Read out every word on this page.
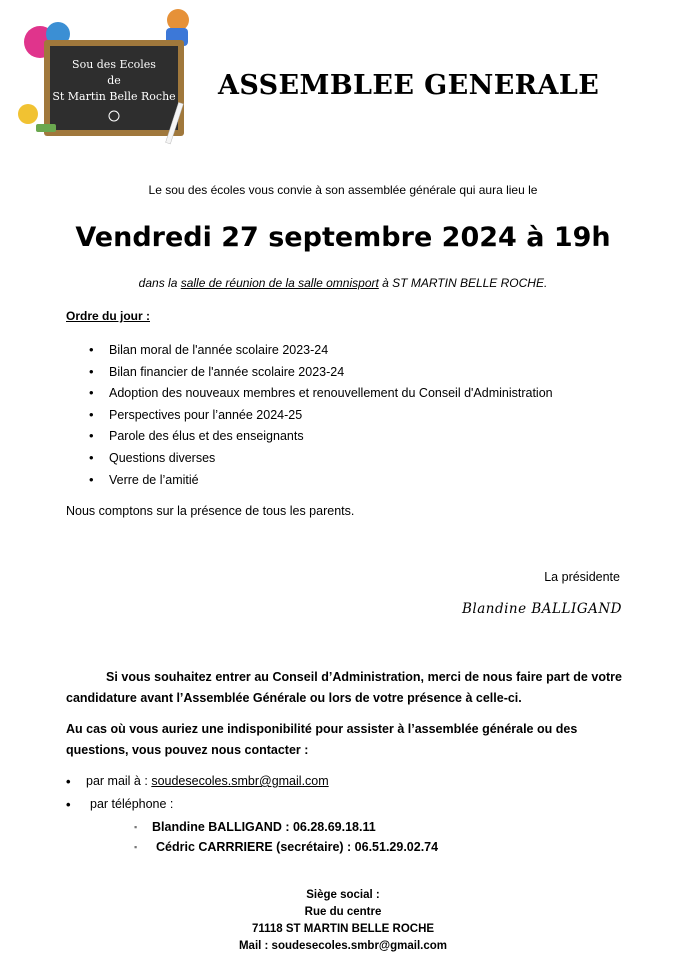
Sou des Ecoles
de
St Martin Belle Roche ASSEMBLEE GENERALE
Le sou des écoles vous convie à son assemblée générale qui aura lieu le
Vendredi 27 septembre 2024 à 19h
dans la salle de réunion de la salle omnisport à ST MARTIN BELLE ROCHE.
Ordre du jour :
• Bilan moral de l'année scolaire 2023-24
• Bilan financier de l'année scolaire 2023-24
• Adoption des nouveaux membres et renouvellement du Conseil d'Administration
• Perspectives pour l’année 2024-25
• Parole des élus et des enseignants
• Questions diverses
• Verre de l’amitié
Nous comptons sur la présence de tous les parents.
La présidente
Blandine BALLIGAND
Si vous souhaitez entrer au Conseil d’Administration, merci de nous faire part de votre candidature avant l’Assemblée Générale ou lors de votre présence à celle-ci.
Au cas où vous auriez une indisponibilité pour assister à l’assemblée générale ou des questions, vous pouvez nous contacter :
• par mail à : soudesecoles.smbr@gmail.com
• par téléphone :
▪ Blandine BALLIGAND : 06.28.69.18.11
▪ Cédric CARRRIERE (secrétaire) : 06.51.29.02.74
Siège social :
Rue du centre
71118 ST MARTIN BELLE ROCHE
Mail : soudesecoles.smbr@gmail.com
